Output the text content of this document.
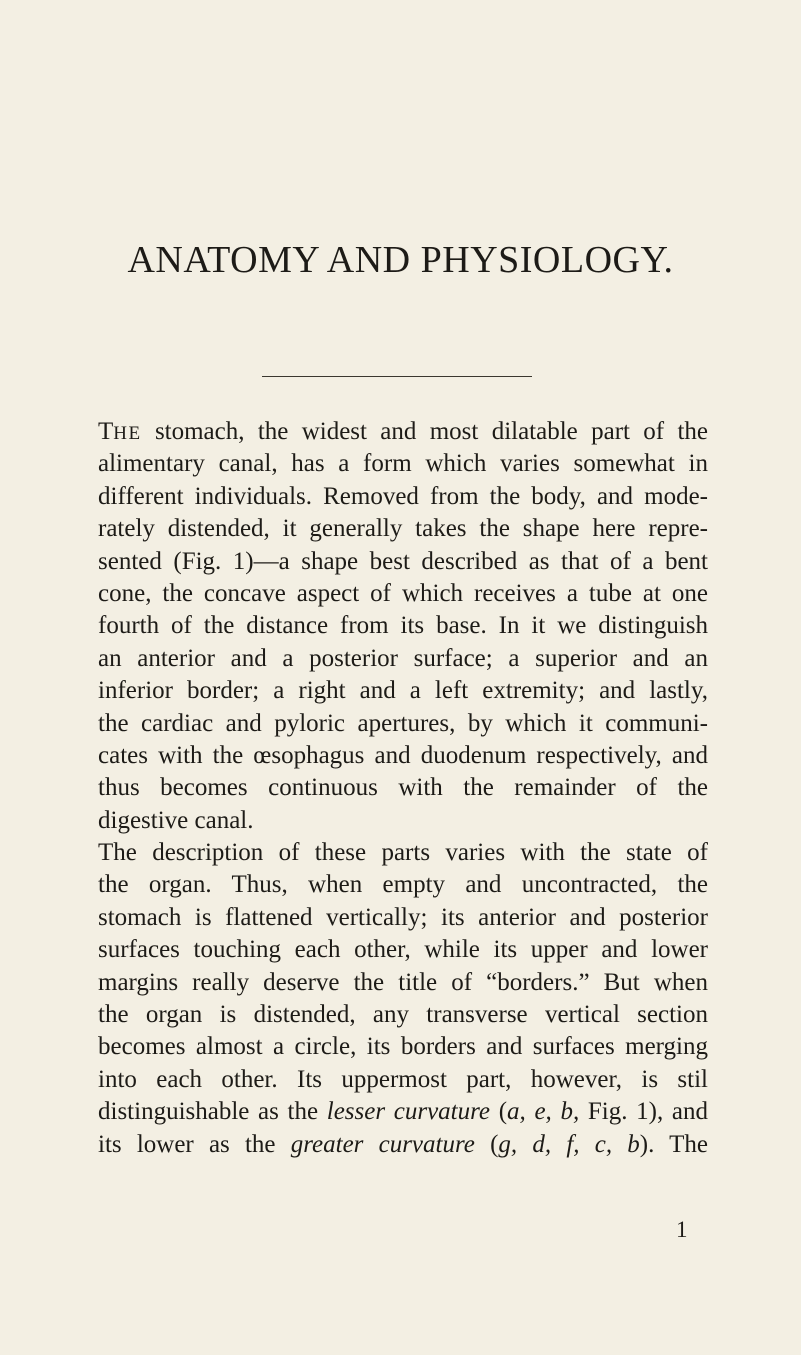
ANATOMY AND PHYSIOLOGY.
THE stomach, the widest and most dilatable part of the
alimentary canal, has a form which varies somewhat in
different individuals. Removed from the body, and mode-
rately distended, it generally takes the shape here repre-
sented (Fig. 1)—a shape best described as that of a bent
cone, the concave aspect of which receives a tube at one
fourth of the distance from its base. In it we distinguish
an anterior and a posterior surface; a superior and an
inferior border; a right and a left extremity; and lastly,
the cardiac and pyloric apertures, by which it communi-
cates with the œsophagus and duodenum respectively, and
thus becomes continuous with the remainder of the
digestive canal.
The description of these parts varies with the state of
the organ. Thus, when empty and uncontracted, the
stomach is flattened vertically; its anterior and posterior
surfaces touching each other, while its upper and lower
margins really deserve the title of “borders.” But when
the organ is distended, any transverse vertical section
becomes almost a circle, its borders and surfaces merging
into each other. Its uppermost part, however, is stil
distinguishable as the lesser curvature (a, e, b, Fig. 1), and
its lower as the greater curvature (g, d, f, c, b). The
1
